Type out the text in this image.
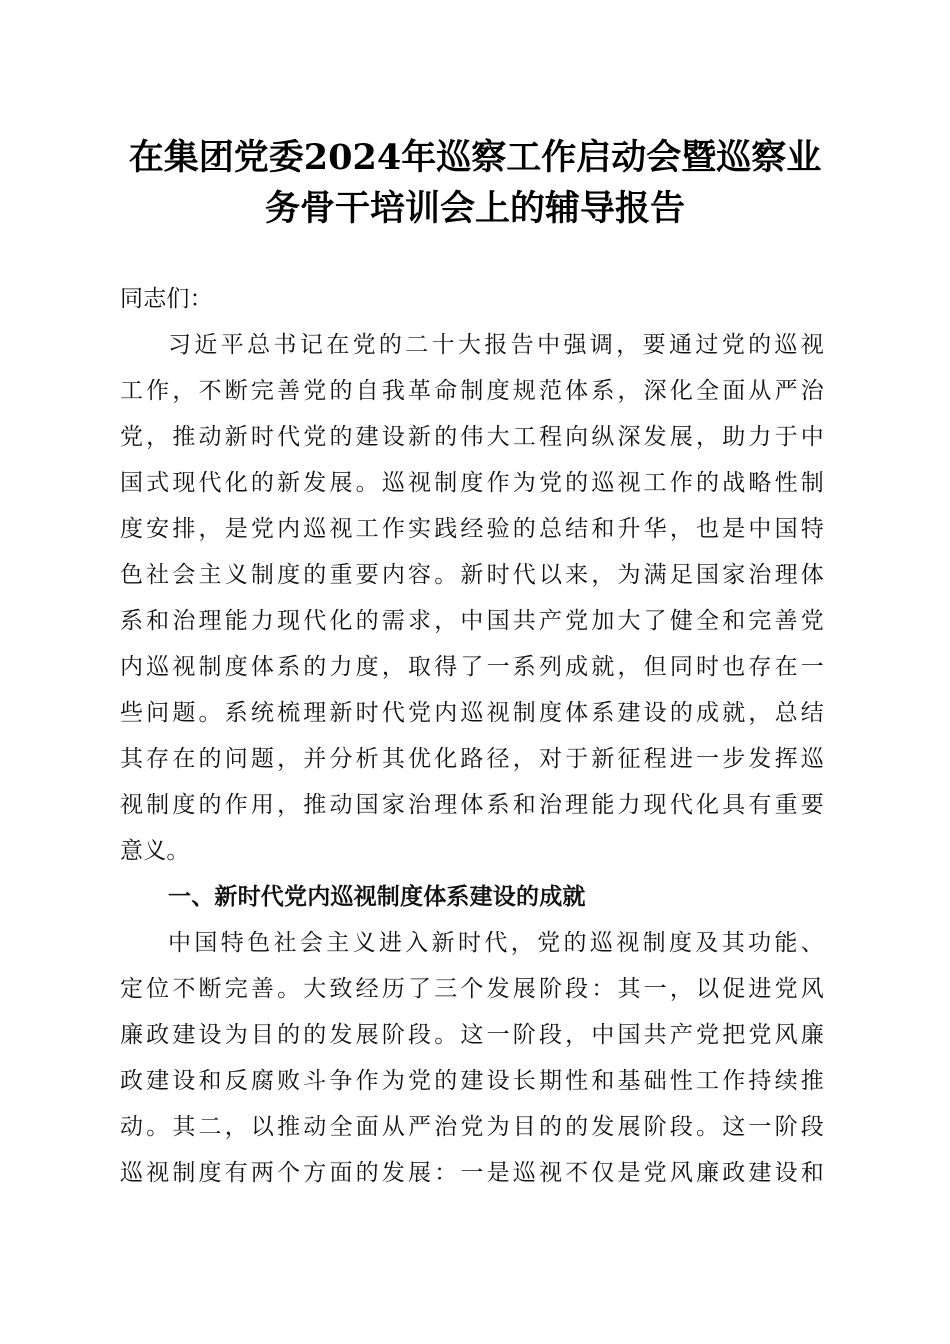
在集团党委2024年巡察工作启动会暨巡察业
务骨干培训会上的辅导报告
同志们：
习近平总书记在党的二十大报告中强调，要通过党的巡视
工作，不断完善党的自我革命制度规范体系，深化全面从严治
党，推动新时代党的建设新的伟大工程向纵深发展，助力于中
国式现代化的新发展。巡视制度作为党的巡视工作的战略性制
度安排，是党内巡视工作实践经验的总结和升华，也是中国特
色社会主义制度的重要内容。新时代以来，为满足国家治理体
系和治理能力现代化的需求，中国共产党加大了健全和完善党
内巡视制度体系的力度，取得了一系列成就，但同时也存在一
些问题。系统梳理新时代党内巡视制度体系建设的成就，总结
其存在的问题，并分析其优化路径，对于新征程进一步发挥巡
视制度的作用，推动国家治理体系和治理能力现代化具有重要
意义。
一、新时代党内巡视制度体系建设的成就
中国特色社会主义进入新时代，党的巡视制度及其功能、
定位不断完善。大致经历了三个发展阶段：其一，以促进党风
廉政建设为目的的发展阶段。这一阶段，中国共产党把党风廉
政建设和反腐败斗争作为党的建设长期性和基础性工作持续推
动。其二，以推动全面从严治党为目的的发展阶段。这一阶段
巡视制度有两个方面的发展：一是巡视不仅是党风廉政建设和
